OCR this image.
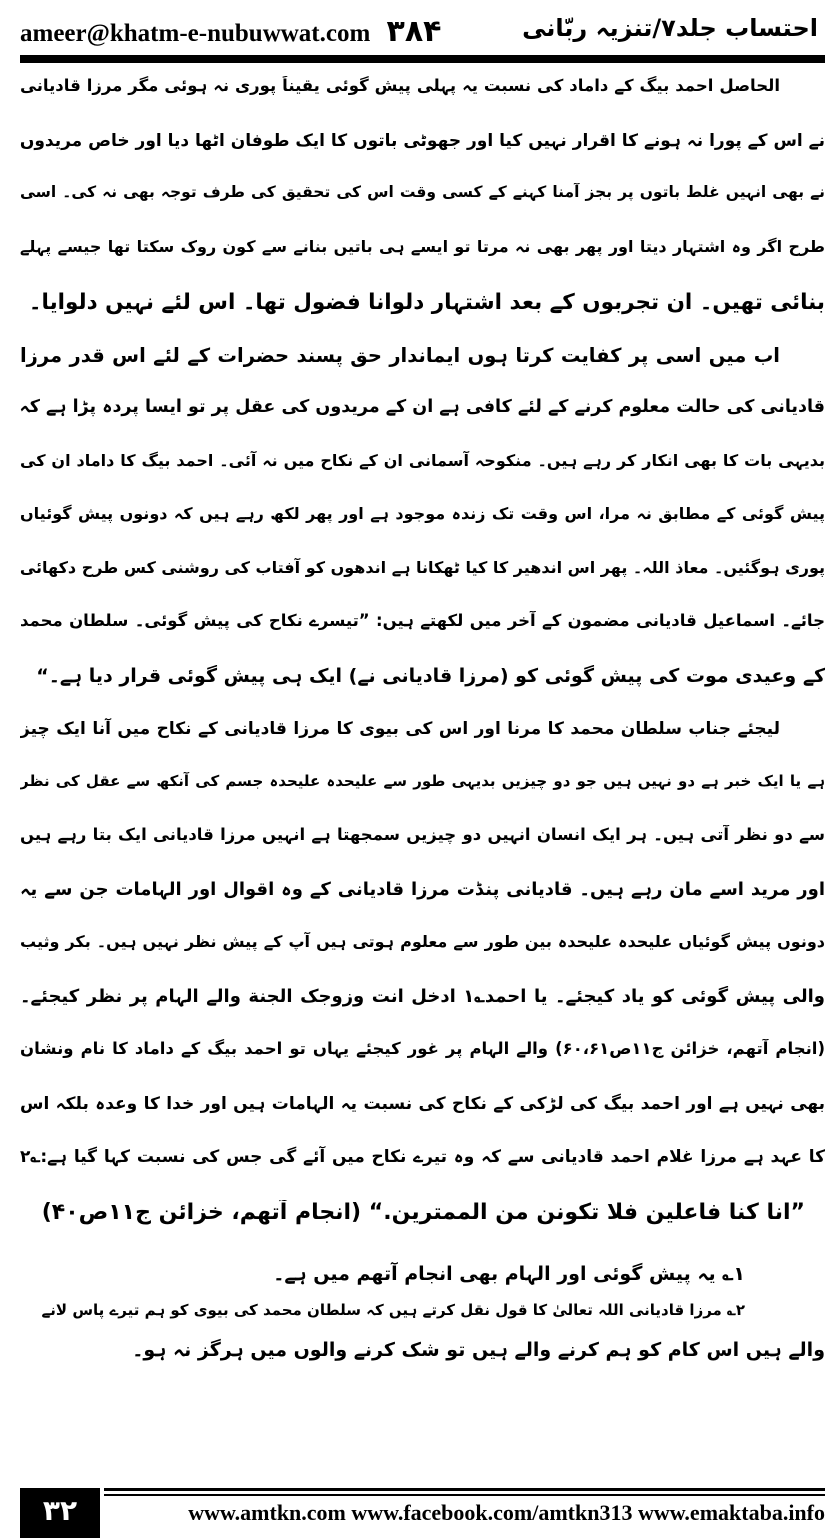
ameer@khatm-e-nubuwwat.com ۳۸۴	احتساب جلد۷/تنزیہ ربّانی
الحاصل احمد بیگ کے داماد کی نسبت یہ پہلی پیش گوئی یقیناً پوری نہ ہوئی مگر مرزا قادیانی
نے اس کے پورا نہ ہونے کا اقرار نہیں کیا اور جھوٹی باتوں کا ایک طوفان اٹھا دیا اور خاص مریدوں
نے بھی انہیں غلط باتوں پر بجز آمنا کہنے کے کسی وقت اس کی تحقیق کی طرف توجہ بھی نہ کی۔ اسی
طرح اگر وہ اشتہار دیتا اور پھر بھی نہ مرتا تو ایسے ہی باتیں بنانے سے کون روک سکتا تھا جیسے پہلے
بنائی تھیں۔ ان تجربوں کے بعد اشتہار دلوانا فضول تھا۔ اس لئے نہیں دلوایا۔
اب میں اسی پر کفایت کرتا ہوں ایماندار حق پسند حضرات کے لئے اس قدر مرزا
قادیانی کی حالت معلوم کرنے کے لئے کافی ہے ان کے مریدوں کی عقل پر تو ایسا پردہ پڑا ہے کہ
بدیہی بات کا بھی انکار کر رہے ہیں۔ منکوحہ آسمانی ان کے نکاح میں نہ آئی۔ احمد بیگ کا داماد ان کی
پیش گوئی کے مطابق نہ مرا، اس وقت تک زندہ موجود ہے اور پھر لکھ رہے ہیں کہ دونوں پیش گوئیاں
پوری ہوگئیں۔ معاذ اللہ۔ پھر اس اندھیر کا کیا ٹھکانا ہے اندھوں کو آفتاب کی روشنی کس طرح دکھائی
جائے۔ اسماعیل قادیانی مضمون کے آخر میں لکھتے ہیں: ”تیسرے نکاح کی پیش گوئی۔ سلطان محمد
کے وعیدی موت کی پیش گوئی کو (مرزا قادیانی نے) ایک ہی پیش گوئی قرار دیا ہے۔“
لیجئے جناب سلطان محمد کا مرنا اور اس کی بیوی کا مرزا قادیانی کے نکاح میں آنا ایک چیز
ہے یا ایک خبر ہے دو نہیں ہیں جو دو چیزیں بدیہی طور سے علیحدہ علیحدہ جسم کی آنکھ سے عقل کی نظر
سے دو نظر آتی ہیں۔ ہر ایک انسان انہیں دو چیزیں سمجھتا ہے انہیں مرزا قادیانی ایک بتا رہے ہیں
اور مرید اسے مان رہے ہیں۔ قادیانی پنڈت مرزا قادیانی کے وہ اقوال اور الہامات جن سے یہ
دونوں پیش گوئیاں علیحدہ علیحدہ بین طور سے معلوم ہوتی ہیں آپ کے پیش نظر نہیں ہیں۔ بکر وثیب
والی پیش گوئی کو یاد کیجئے۔ یا احمد؎۱ ادخل انت وزوجک الجنة والے الہام پر نظر کیجئے۔
(انجام آتھم، خزائن ج۱۱ص۶۰،۶۱) والے الہام پر غور کیجئے یہاں تو احمد بیگ کے داماد کا نام ونشان
بھی نہیں ہے اور احمد بیگ کی لڑکی کے نکاح کی نسبت یہ الہامات ہیں اور خدا کا وعدہ بلکہ اس
کا عہد ہے مرزا غلام احمد قادیانی سے کہ وہ تیرے نکاح میں آئے گی جس کی نسبت کہا گیا ہے:؎۲
”انا کنا فاعلین فلا تکونن من الممترین.“ (انجام آتھم، خزائن ج۱۱ص۴۰)
۱؎ یہ پیش گوئی اور الہام بھی انجام آتھم میں ہے۔
۲؎ مرزا قادیانی اللہ تعالیٰ کا قول نقل کرتے ہیں کہ سلطان محمد کی بیوی کو ہم تیرے پاس لانے
والے ہیں اس کام کو ہم کرنے والے ہیں تو شک کرنے والوں میں ہرگز نہ ہو۔
۳۲	www.amtkn.com www.facebook.com/amtkn313 www.emaktaba.info
